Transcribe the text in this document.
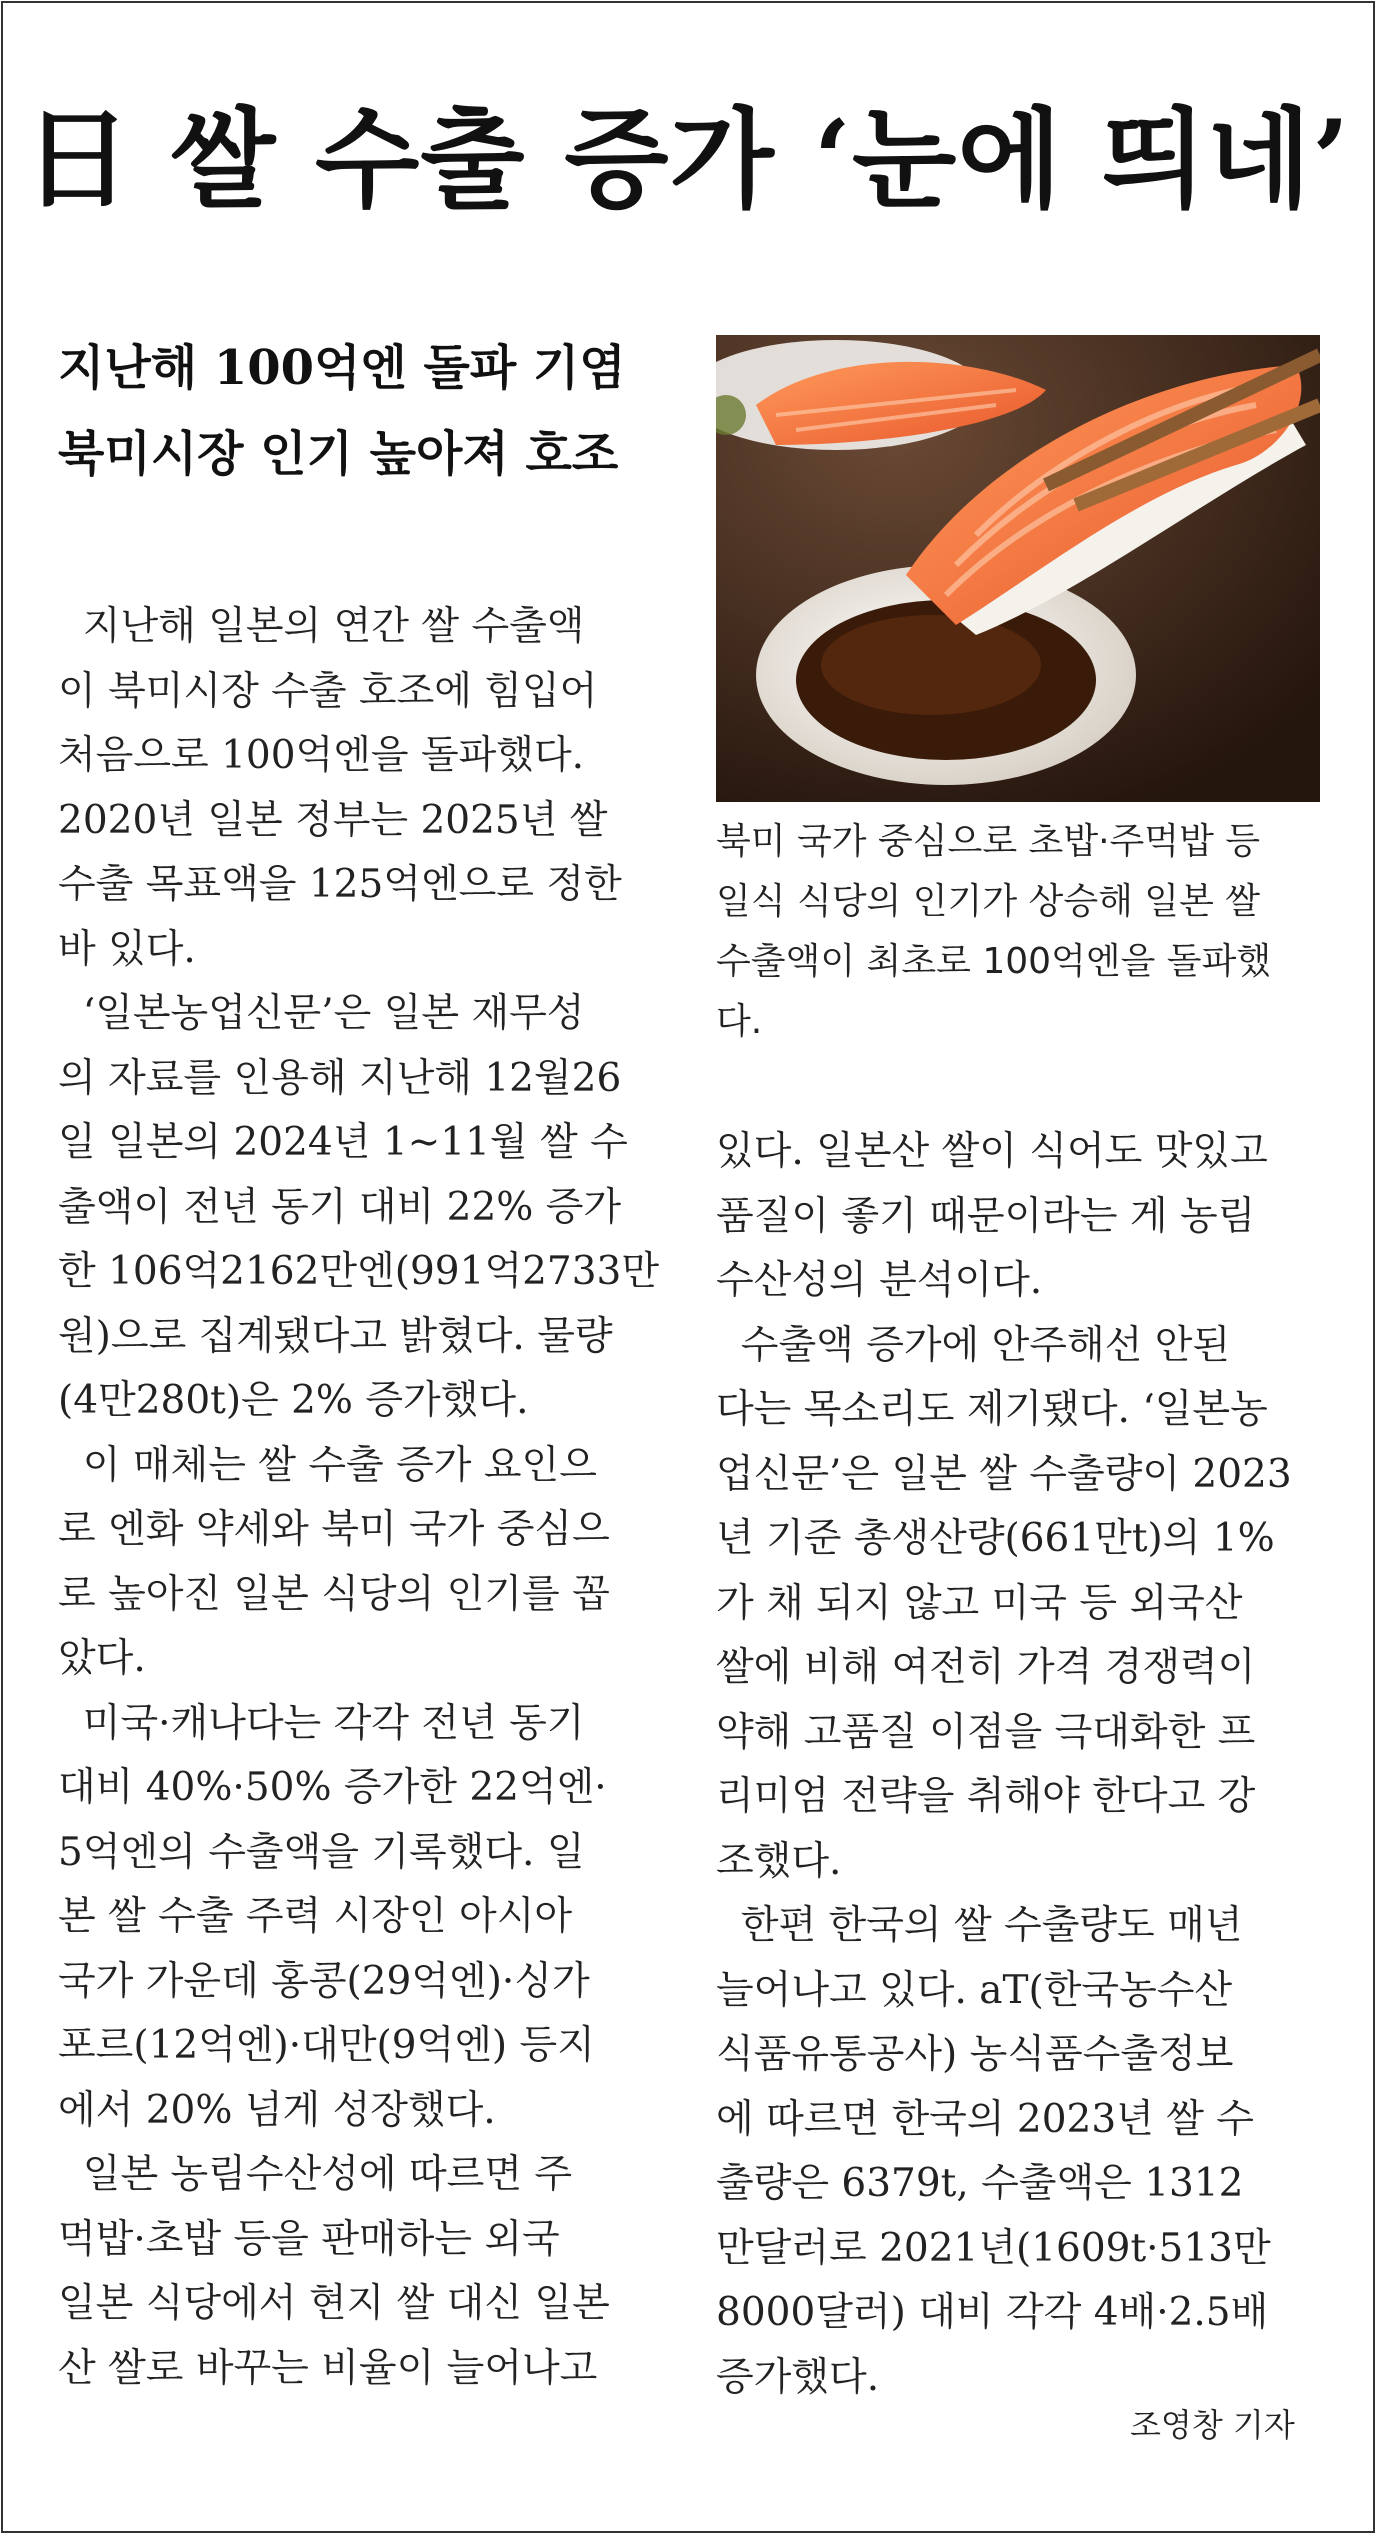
日 쌀 수출 증가 ‘눈에 띄네’
지난해 100억엔 돌파 기염
북미시장 인기 높아져 호조
북미 국가 중심으로 초밥·주먹밥 등
일식 식당의 인기가 상승해 일본 쌀
수출액이 최초로 100억엔을 돌파했
다.
지난해 일본의 연간 쌀 수출액
이 북미시장 수출 호조에 힘입어
처음으로 100억엔을 돌파했다.
2020년 일본 정부는 2025년 쌀
수출 목표액을 125억엔으로 정한
바 있다.
‘일본농업신문’은 일본 재무성
의 자료를 인용해 지난해 12월26
일 일본의 2024년 1~11월 쌀 수
출액이 전년 동기 대비 22% 증가
한 106억2162만엔(991억2733만
원)으로 집계됐다고 밝혔다. 물량
(4만280t)은 2% 증가했다.
이 매체는 쌀 수출 증가 요인으
로 엔화 약세와 북미 국가 중심으
로 높아진 일본 식당의 인기를 꼽
았다.
미국·캐나다는 각각 전년 동기
대비 40%·50% 증가한 22억엔·
5억엔의 수출액을 기록했다. 일
본 쌀 수출 주력 시장인 아시아
국가 가운데 홍콩(29억엔)·싱가
포르(12억엔)·대만(9억엔) 등지
에서 20% 넘게 성장했다.
일본 농림수산성에 따르면 주
먹밥·초밥 등을 판매하는 외국
일본 식당에서 현지 쌀 대신 일본
산 쌀로 바꾸는 비율이 늘어나고
있다. 일본산 쌀이 식어도 맛있고
품질이 좋기 때문이라는 게 농림
수산성의 분석이다.
수출액 증가에 안주해선 안된
다는 목소리도 제기됐다. ‘일본농
업신문’은 일본 쌀 수출량이 2023
년 기준 총생산량(661만t)의 1%
가 채 되지 않고 미국 등 외국산
쌀에 비해 여전히 가격 경쟁력이
약해 고품질 이점을 극대화한 프
리미엄 전략을 취해야 한다고 강
조했다.
한편 한국의 쌀 수출량도 매년
늘어나고 있다. aT(한국농수산
식품유통공사) 농식품수출정보
에 따르면 한국의 2023년 쌀 수
출량은 6379t, 수출액은 1312
만달러로 2021년(1609t·513만
8000달러) 대비 각각 4배·2.5배
증가했다.
조영창 기자
